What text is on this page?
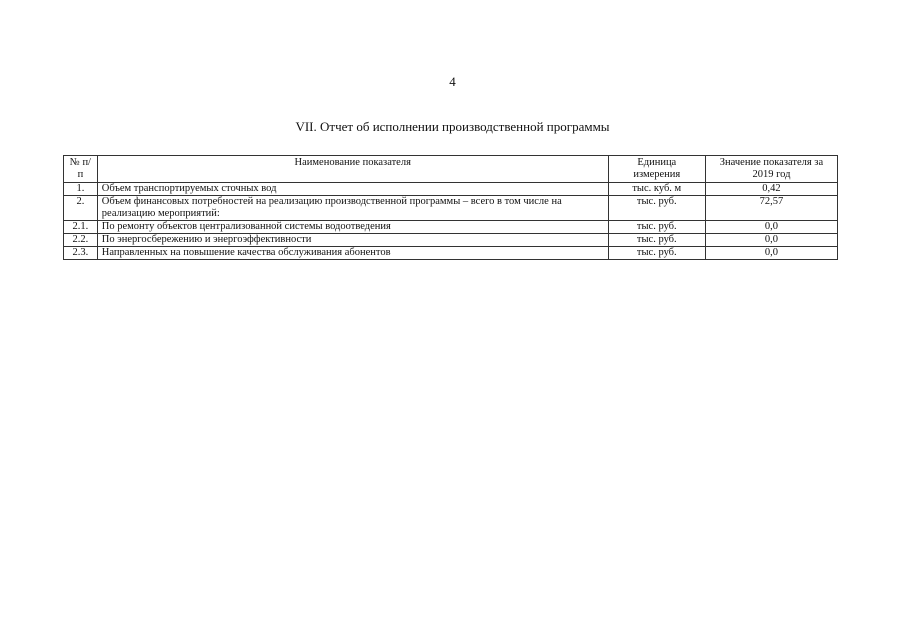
4
VII. Отчет об исполнении производственной программы
№ п/п	Наименование показателя	Единица измерения	Значение показателя за 2019 год
1.	Объем транспортируемых сточных вод	тыс. куб. м	0,42
2.	Объем финансовых потребностей на реализацию производственной программы – всего в том числе на реализацию мероприятий:	тыс. руб.	72,57
2.1.	По ремонту объектов централизованной системы водоотведения	тыс. руб.	0,0
2.2.	По энергосбережению и энергоэффективности	тыс. руб.	0,0
2.3.	Направленных на повышение качества обслуживания абонентов	тыс. руб.	0,0
